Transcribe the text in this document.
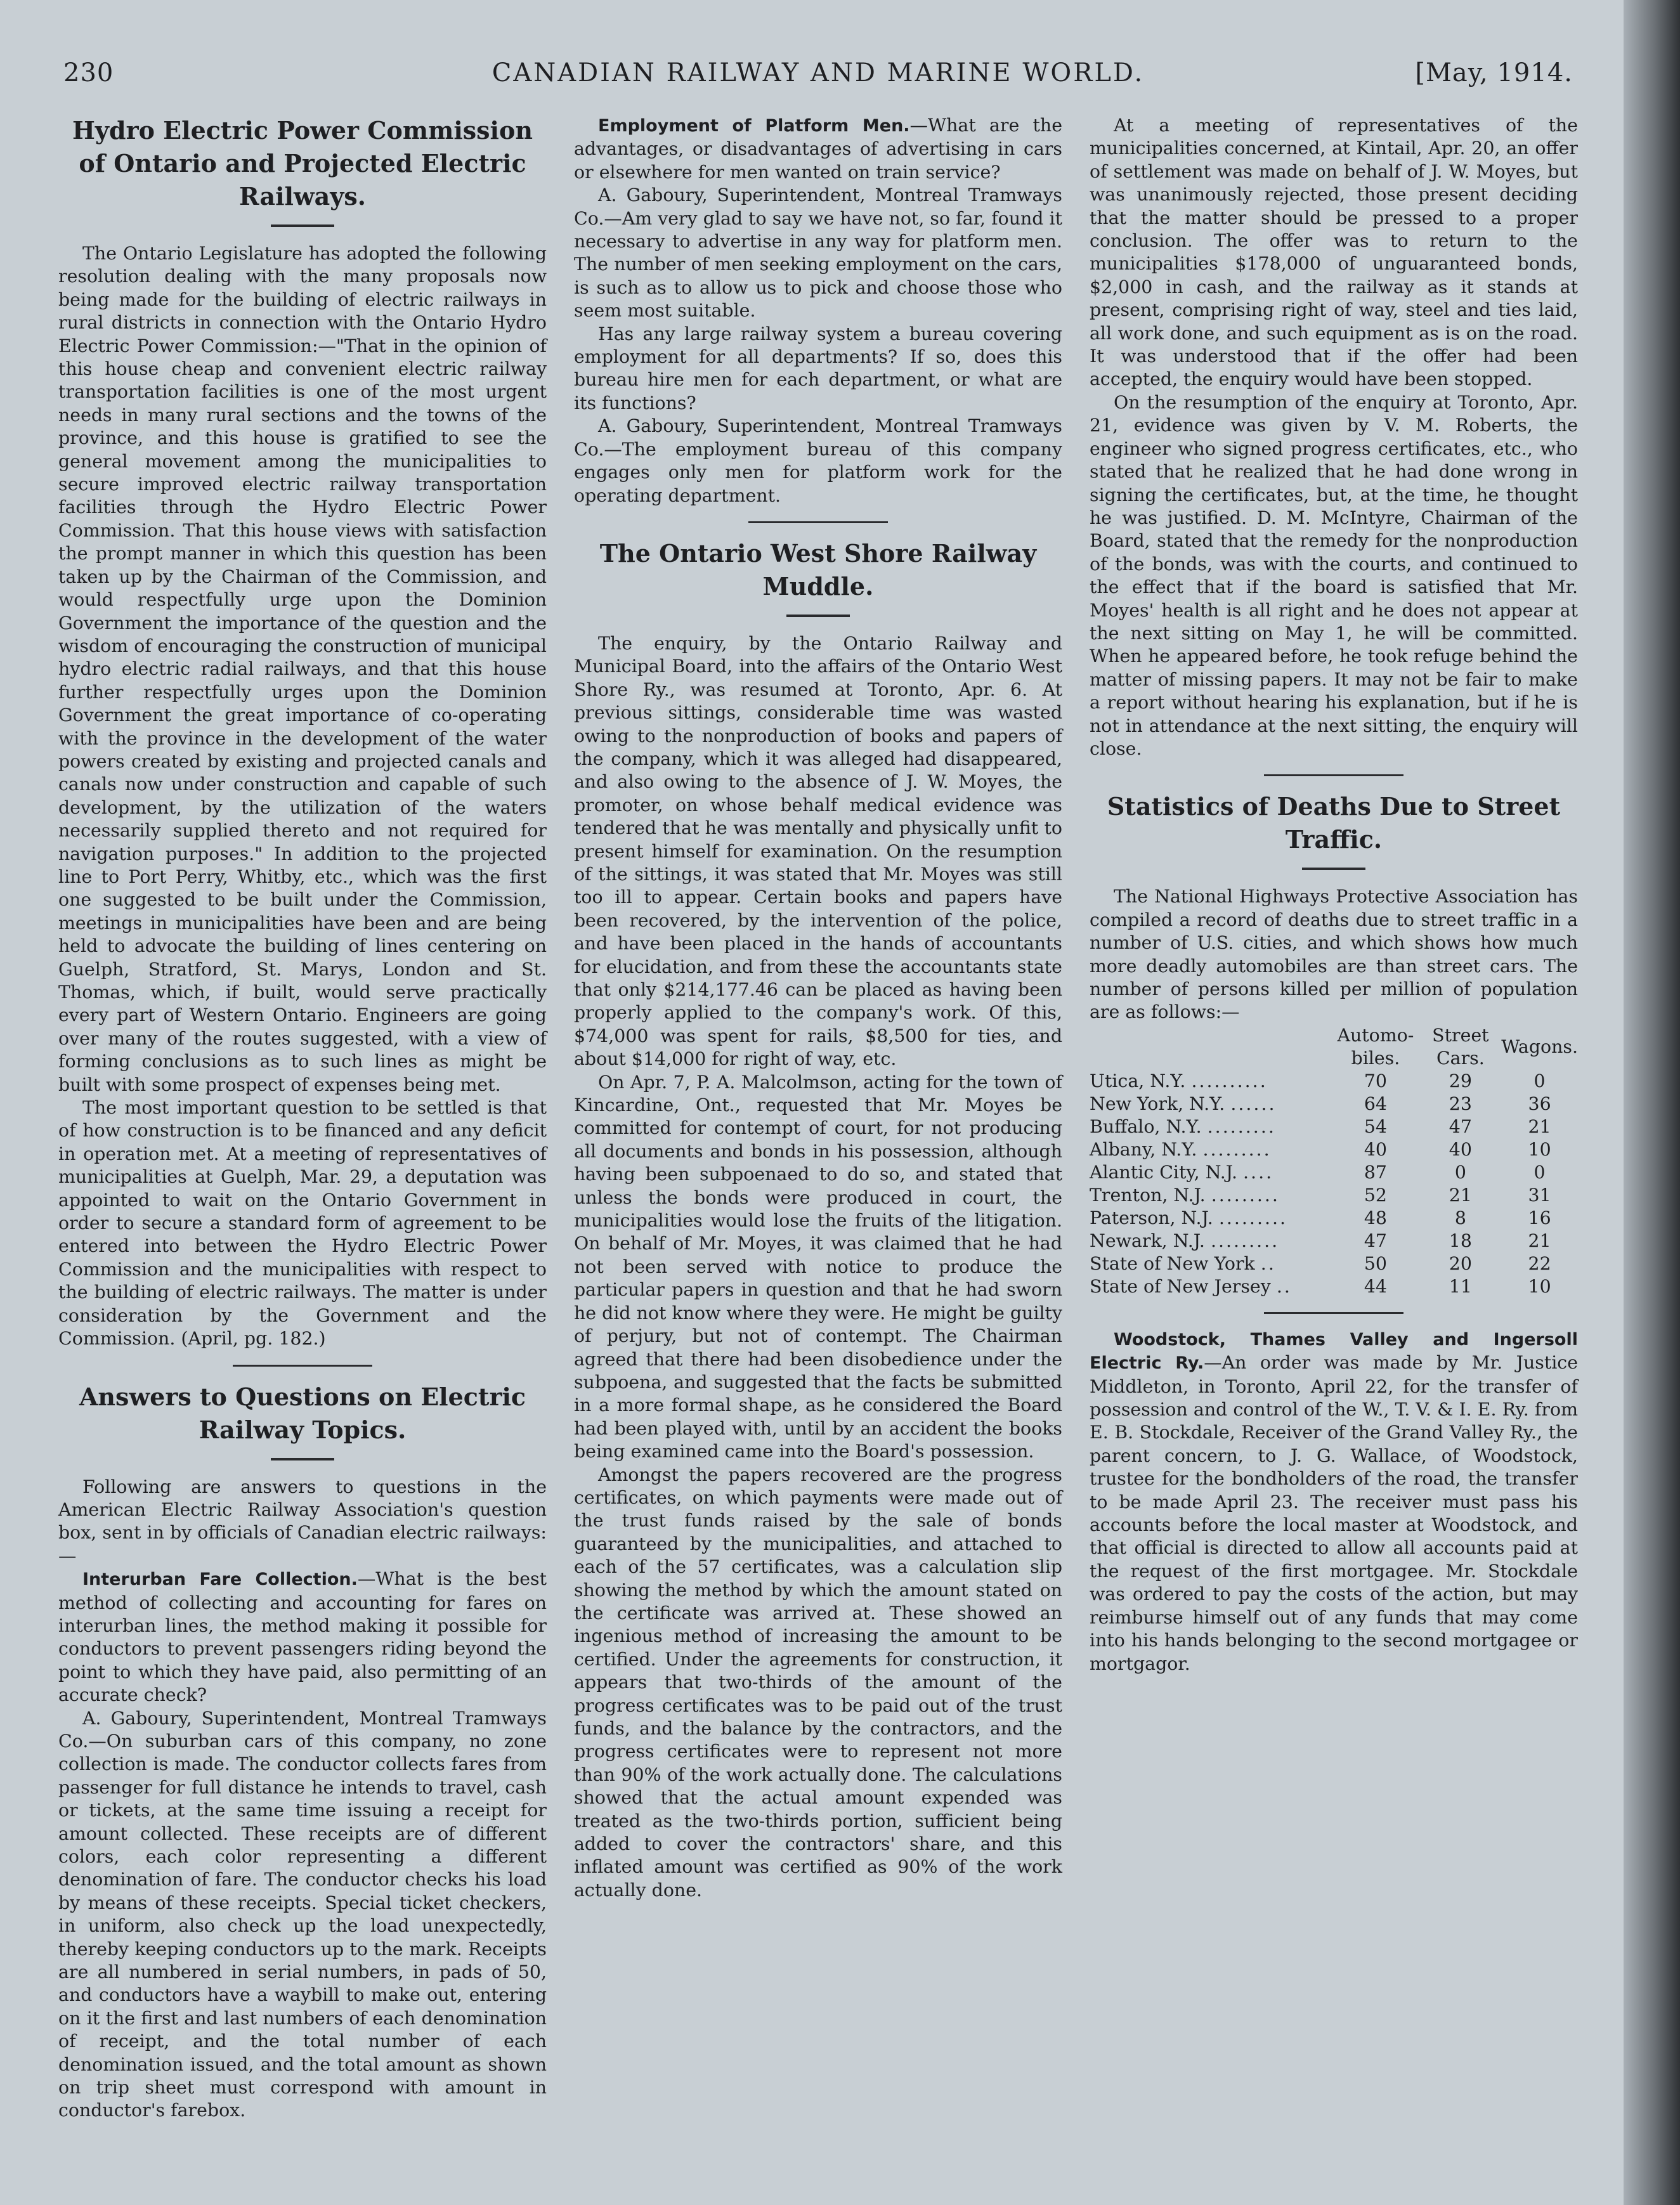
CANADIAN RAILWAY AND MARINE WORLD.
230	[May, 1914.
Hydro Electric Power Commission of Ontario and Projected Electric Railways.

The Ontario Legislature has adopted the following resolution dealing with the many proposals now being made for the building of electric railways in rural districts in connection with the Ontario Hydro Electric Power Commission:—"That in the opinion of this house cheap and convenient electric railway transportation facilities is one of the most urgent needs in many rural sections and the towns of the province, and this house is gratified to see the general movement among the municipalities to secure improved electric railway transportation facilities through the Hydro Electric Power Commission. That this house views with satisfaction the prompt manner in which this question has been taken up by the Chairman of the Commission, and would respectfully urge upon the Dominion Government the importance of the question and the wisdom of encouraging the construction of municipal hydro electric radial railways, and that this house further respectfully urges upon the Dominion Government the great importance of co-operating with the province in the development of the water powers created by existing and projected canals and canals now under construction and capable of such development, by the utilization of the waters necessarily supplied thereto and not required for navigation purposes." In addition to the projected line to Port Perry, Whitby, etc., which was the first one suggested to be built under the Commission, meetings in municipalities have been and are being held to advocate the building of lines centering on Guelph, Stratford, St. Marys, London and St. Thomas, which, if built, would serve practically every part of Western Ontario. Engineers are going over many of the routes suggested, with a view of forming conclusions as to such lines as might be built with some prospect of expenses being met.

The most important question to be settled is that of how construction is to be financed and any deficit in operation met. At a meeting of representatives of municipalities at Guelph, Mar. 29, a deputation was appointed to wait on the Ontario Government in order to secure a standard form of agreement to be entered into between the Hydro Electric Power Commission and the municipalities with respect to the building of electric railways. The matter is under consideration by the Government and the Commission. (April, pg. 182.)

Answers to Questions on Electric Railway Topics.

Following are answers to questions in the American Electric Railway Association's question box, sent in by officials of Canadian electric railways:—

Interurban Fare Collection.—What is the best method of collecting and accounting for fares on interurban lines, the method making it possible for conductors to prevent passengers riding beyond the point to which they have paid, also permitting of an accurate check?

A. Gaboury, Superintendent, Montreal Tramways Co.—On suburban cars of this company, no zone collection is made. The conductor collects fares from passenger for full distance he intends to travel, cash or tickets, at the same time issuing a receipt for amount collected. These receipts are of different colors, each color representing a different denomination of fare. The conductor checks his load by means of these receipts. Special ticket checkers, in uniform, also check up the load unexpectedly, thereby keeping conductors up to the mark. Receipts are all numbered in serial numbers, in pads of 50, and conductors have a waybill to make out, entering on it the first and last numbers of each denomination of receipt, and the total number of each denomination issued, and the total amount as shown on trip sheet must correspond with amount in conductor's farebox.

Employment of Platform Men.—What are the advantages, or disadvantages of advertising in cars or elsewhere for men wanted on train service?

A. Gaboury, Superintendent, Montreal Tramways Co.—Am very glad to say we have not, so far, found it necessary to advertise in any way for platform men. The number of men seeking employment on the cars, is such as to allow us to pick and choose those who seem most suitable.

Has any large railway system a bureau covering employment for all departments? If so, does this bureau hire men for each department, or what are its functions?

A. Gaboury, Superintendent, Montreal Tramways Co.—The employment bureau of this company engages only men for platform work for the operating department.

The Ontario West Shore Railway Muddle.

The enquiry, by the Ontario Railway and Municipal Board, into the affairs of the Ontario West Shore Ry., was resumed at Toronto, Apr. 6. At previous sittings, considerable time was wasted owing to the nonproduction of books and papers of the company, which it was alleged had disappeared, and also owing to the absence of J. W. Moyes, the promoter, on whose behalf medical evidence was tendered that he was mentally and physically unfit to present himself for examination. On the resumption of the sittings, it was stated that Mr. Moyes was still too ill to appear. Certain books and papers have been recovered, by the intervention of the police, and have been placed in the hands of accountants for elucidation, and from these the accountants state that only $214,177.46 can be placed as having been properly applied to the company's work. Of this, $74,000 was spent for rails, $8,500 for ties, and about $14,000 for right of way, etc.

On Apr. 7, P. A. Malcolmson, acting for the town of Kincardine, Ont., requested that Mr. Moyes be committed for contempt of court, for not producing all documents and bonds in his possession, although having been subpoenaed to do so, and stated that unless the bonds were produced in court, the municipalities would lose the fruits of the litigation. On behalf of Mr. Moyes, it was claimed that he had not been served with notice to produce the particular papers in question and that he had sworn he did not know where they were. He might be guilty of perjury, but not of contempt. The Chairman agreed that there had been disobedience under the subpoena, and suggested that the facts be submitted in a more formal shape, as he considered the Board had been played with, until by an accident the books being examined came into the Board's possession.

Amongst the papers recovered are the progress certificates, on which payments were made out of the trust funds raised by the sale of bonds guaranteed by the municipalities, and attached to each of the 57 certificates, was a calculation slip showing the method by which the amount stated on the certificate was arrived at. These showed an ingenious method of increasing the amount to be certified. Under the agreements for construction, it appears that two-thirds of the amount of the progress certificates was to be paid out of the trust funds, and the balance by the contractors, and the progress certificates were to represent not more than 90% of the work actually done. The calculations showed that the actual amount expended was treated as the two-thirds portion, sufficient being added to cover the contractors' share, and this inflated amount was certified as 90% of the work actually done.

At a meeting of representatives of the municipalities concerned, at Kintail, Apr. 20, an offer of settlement was made on behalf of J. W. Moyes, but was unanimously rejected, those present deciding that the matter should be pressed to a proper conclusion. The offer was to return to the municipalities $178,000 of unguaranteed bonds, $2,000 in cash, and the railway as it stands at present, comprising right of way, steel and ties laid, all work done, and such equipment as is on the road. It was understood that if the offer had been accepted, the enquiry would have been stopped.

On the resumption of the enquiry at Toronto, Apr. 21, evidence was given by V. M. Roberts, the engineer who signed progress certificates, etc., who stated that he realized that he had done wrong in signing the certificates, but, at the time, he thought he was justified. D. M. McIntyre, Chairman of the Board, stated that the remedy for the nonproduction of the bonds, was with the courts, and continued to the effect that if the board is satisfied that Mr. Moyes' health is all right and he does not appear at the next sitting on May 1, he will be committed. When he appeared before, he took refuge behind the matter of missing papers. It may not be fair to make a report without hearing his explanation, but if he is not in attendance at the next sitting, the enquiry will close.

Statistics of Deaths Due to Street Traffic.

The National Highways Protective Association has compiled a record of deaths due to street traffic in a number of U.S. cities, and which shows how much more deadly automobiles are than street cars. The number of persons killed per million of population are as follows:—

	Automo-biles.	Street Cars.	Wagons.
Utica, N.Y. ..........	70	29	0
New York, N.Y. ......	64	23	36
Buffalo, N.Y. .........	54	47	21
Albany, N.Y. .........	40	40	10
Alantic City, N.J. ....	87	0	0
Trenton, N.J. .........	52	21	31
Paterson, N.J. .........	48	8	16
Newark, N.J. .........	47	18	21
State of New York ..	50	20	22
State of New Jersey ..	44	11	10

Woodstock, Thames Valley and Ingersoll Electric Ry.—An order was made by Mr. Justice Middleton, in Toronto, April 22, for the transfer of possession and control of the W., T. V. & I. E. Ry. from E. B. Stockdale, Receiver of the Grand Valley Ry., the parent concern, to J. G. Wallace, of Woodstock, trustee for the bondholders of the road, the transfer to be made April 23. The receiver must pass his accounts before the local master at Woodstock, and that official is directed to allow all accounts paid at the request of the first mortgagee. Mr. Stockdale was ordered to pay the costs of the action, but may reimburse himself out of any funds that may come into his hands belonging to the second mortgagee or mortgagor.
